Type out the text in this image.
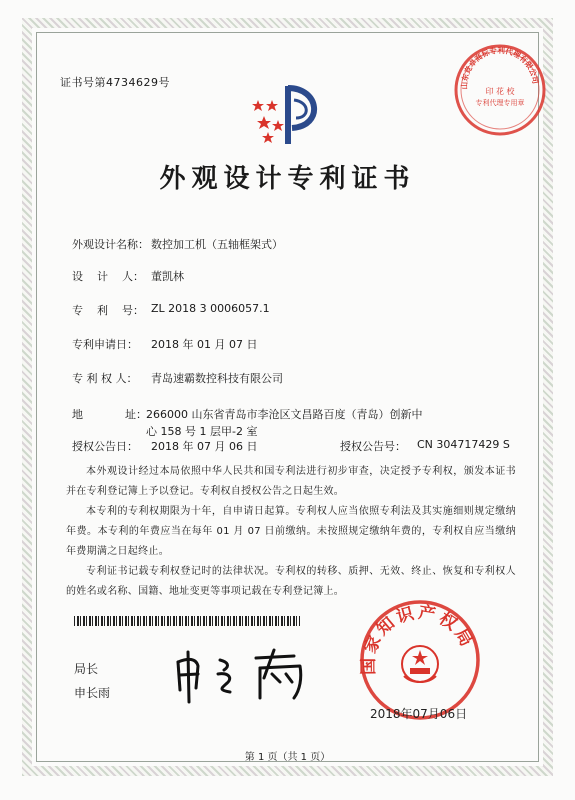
证书号第4734629号	山东竞卓商标专利代理有限公司
印 花 校
专利代理专用章
外观设计专利证书
外观设计名称： 数控加工机（五轴框架式）
设    计    人： 董凯林
专    利    号： ZL 2018 3 0006057.1
专利申请日： 2018 年 01 月 07 日
专 利 权 人： 青岛速霸数控科技有限公司
地            址： 266000 山东省青岛市李沧区文昌路百度（青岛）创新中
心 158 号 1 层甲-2 室
授权公告日： 2018 年 07 月 06 日	授权公告号： CN 304717429 S
本外观设计经过本局依照中华人民共和国专利法进行初步审查，决定授予专利权，颁发本证书并在专利登记簿上予以登记。专利权自授权公告之日起生效。
本专利的专利权期限为十年，自申请日起算。专利权人应当依照专利法及其实施细则规定缴纳年费。本专利的年费应当在每年 01 月 07 日前缴纳。未按照规定缴纳年费的，专利权自应当缴纳年费期满之日起终止。
专利证书记载专利权登记时的法律状况。专利权的转移、质押、无效、终止、恢复和专利权人的姓名或名称、国籍、地址变更等事项记载在专利登记簿上。
局长
申长雨
国家知识产权局
2018年07月06日
第 1 页（共 1 页）
